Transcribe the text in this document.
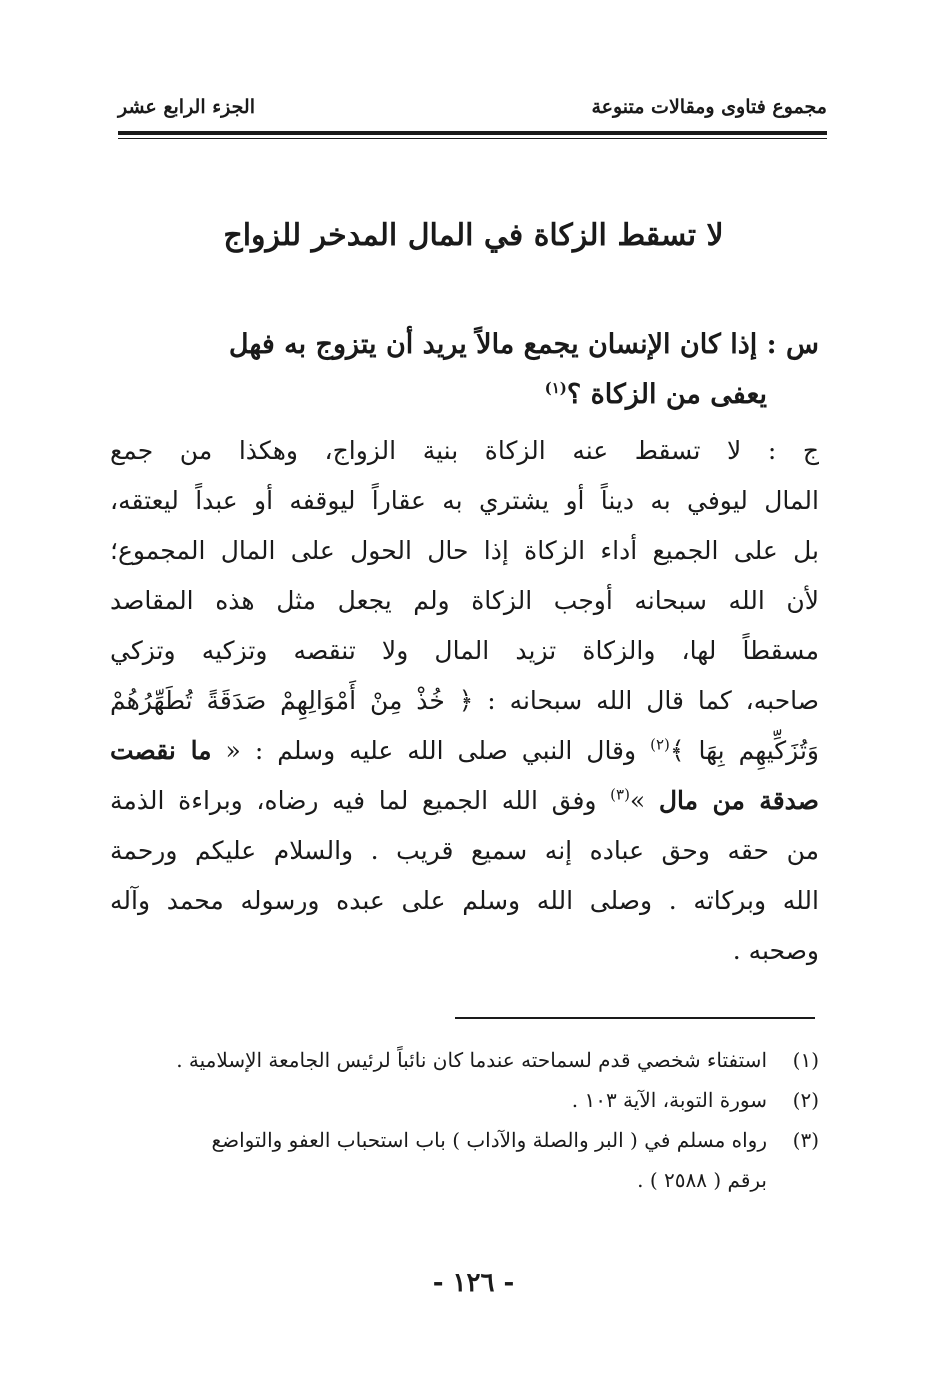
مجموع فتاوى ومقالات متنوعة
الجزء الرابع عشر
لا تسقط الزكاة في المال المدخر للزواج
س : إذا كان الإنسان يجمع مالاً يريد أن يتزوج به فهل
يعفى من الزكاة ؟$^{(١)}$
ج : لا تسقط عنه الزكاة بنية الزواج، وهكذا من جمع
المال ليوفي به ديناً أو يشتري به عقاراً ليوقفه أو عبداً ليعتقه،
بل على الجميع أداء الزكاة إذا حال الحول على المال المجموع؛
لأن الله سبحانه أوجب الزكاة ولم يجعل مثل هذه المقاصد
مسقطاً لها، والزكاة تزيد المال ولا تنقصه وتزكيه وتزكي
صاحبه، كما قال الله سبحانه : ﴿ خُذْ مِنْ أَمْوَالِهِمْ صَدَقَةً تُطَهِّرُهُمْ
وَتُزَكِّيهِم بِهَا ﴾$^{(٢)}$ وقال النبي صلى الله عليه وسلم : « ما نقصت
صدقة من مال »$^{(٣)}$ وفق الله الجميع لما فيه رضاه، وبراءة الذمة
من حقه وحق عباده إنه سميع قريب . والسلام عليكم ورحمة
الله وبركاته . وصلى الله وسلم على عبده ورسوله محمد وآله
وصحبه .
(١)استفتاء شخصي قدم لسماحته عندما كان نائباً لرئيس الجامعة الإسلامية .
(٢)سورة التوبة، الآية ١٠٣ .
(٣)رواه مسلم في ( البر والصلة والآداب ) باب استحباب العفو والتواضع
برقم ( ٢٥٨٨ ) .
- ١٢٦ -
